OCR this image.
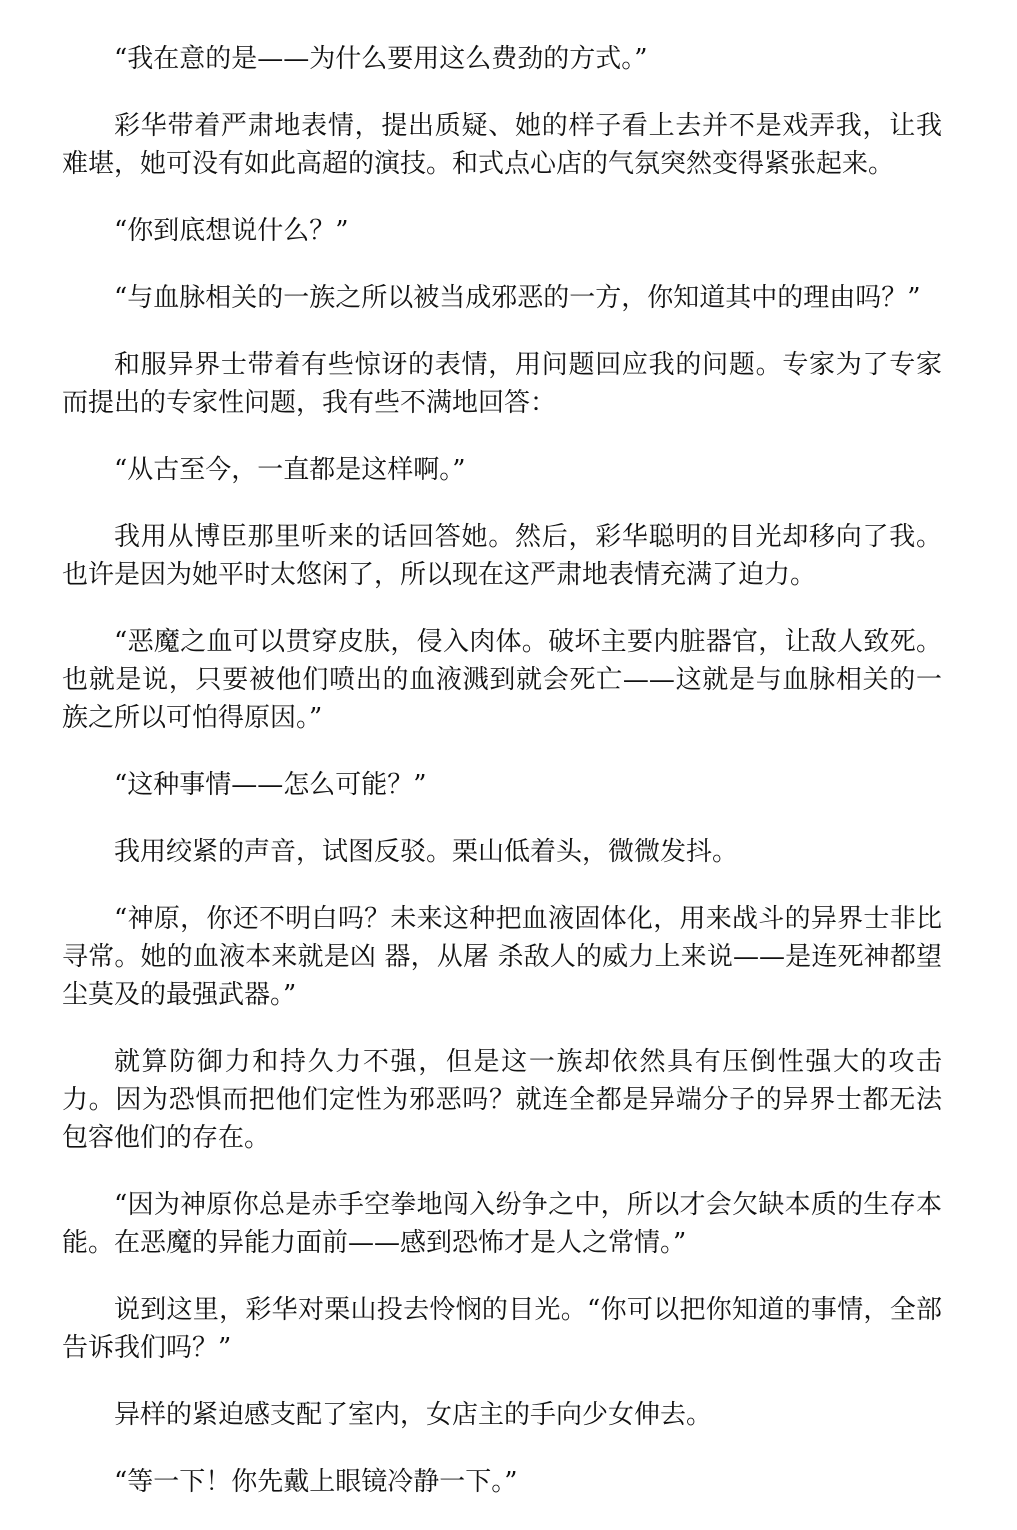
“我在意的是——为什么要用这么费劲的方式。”

彩华带着严肃地表情，提出质疑、她的样子看上去并不是戏弄我，让我难堪，她可没有如此高超的演技。和式点心店的气氛突然变得紧张起来。

“你到底想说什么？”

“与血脉相关的一族之所以被当成邪恶的一方，你知道其中的理由吗？”

和服异界士带着有些惊讶的表情，用问题回应我的问题。专家为了专家而提出的专家性问题，我有些不满地回答：

“从古至今，一直都是这样啊。”

我用从博臣那里听来的话回答她。然后，彩华聪明的目光却移向了我。也许是因为她平时太悠闲了，所以现在这严肃地表情充满了迫力。

“恶魔之血可以贯穿皮肤，侵入肉体。破坏主要内脏器官，让敌人致死。也就是说，只要被他们喷出的血液溅到就会死亡——这就是与血脉相关的一族之所以可怕得原因。”

“这种事情——怎么可能？”

我用绞紧的声音，试图反驳。栗山低着头，微微发抖。

“神原，你还不明白吗？未来这种把血液固体化，用来战斗的异界士非比寻常。她的血液本来就是凶 器，从屠 杀敌人的威力上来说——是连死神都望尘莫及的最强武器。”

就算防御力和持久力不强，但是这一族却依然具有压倒性强大的攻击力。因为恐惧而把他们定性为邪恶吗？就连全都是异端分子的异界士都无法包容他们的存在。

“因为神原你总是赤手空拳地闯入纷争之中，所以才会欠缺本质的生存本能。在恶魔的异能力面前——感到恐怖才是人之常情。”

说到这里，彩华对栗山投去怜悯的目光。“你可以把你知道的事情，全部告诉我们吗？”

异样的紧迫感支配了室内，女店主的手向少女伸去。

“等一下！你先戴上眼镜冷静一下。”
